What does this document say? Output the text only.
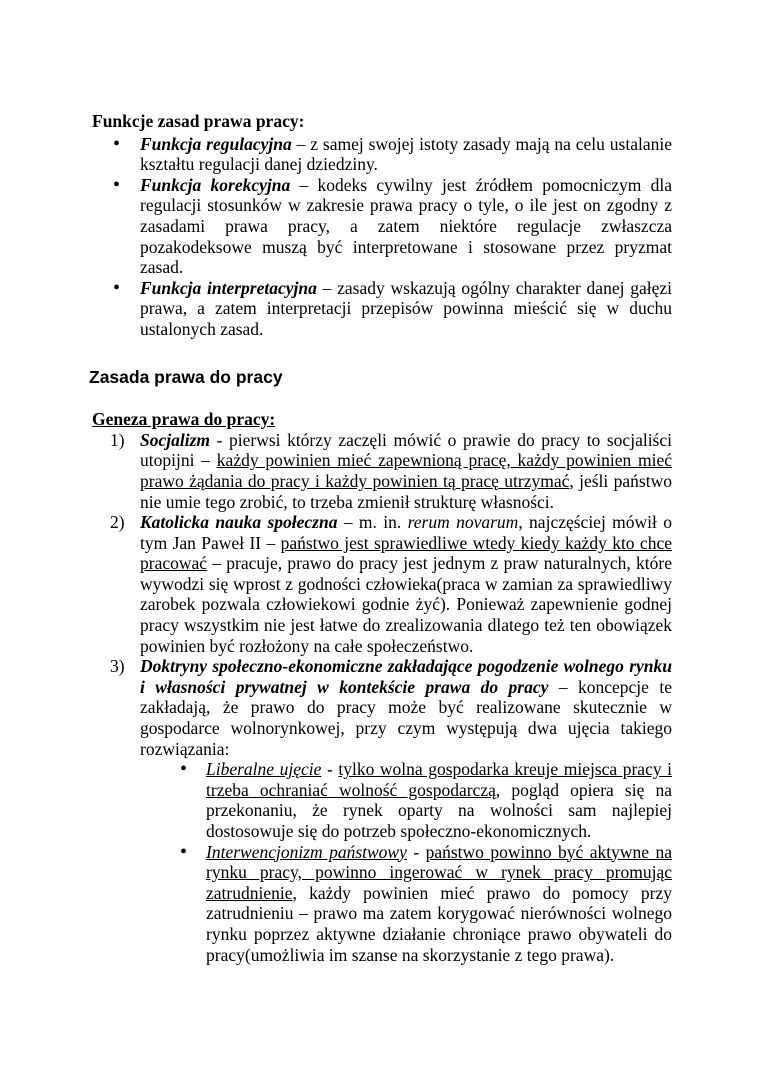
Funkcje zasad prawa pracy:
• Funkcja regulacyjna – z samej swojej istoty zasady mają na celu ustalanie kształtu regulacji danej dziedziny.
• Funkcja korekcyjna – kodeks cywilny jest źródłem pomocniczym dla regulacji stosunków w zakresie prawa pracy o tyle, o ile jest on zgodny z zasadami prawa pracy, a zatem niektóre regulacje zwłaszcza pozakodeksowe muszą być interpretowane i stosowane przez pryzmat zasad.
• Funkcja interpretacyjna – zasady wskazują ogólny charakter danej gałęzi prawa, a zatem interpretacji przepisów powinna mieścić się w duchu ustalonych zasad.
Zasada prawa do pracy
Geneza prawa do pracy:
1) Socjalizm - pierwsi którzy zaczęli mówić o prawie do pracy to socjaliści utopijni – każdy powinien mieć zapewnioną pracę, każdy powinien mieć prawo żądania do pracy i każdy powinien tą pracę utrzymać, jeśli państwo nie umie tego zrobić, to trzeba zmienił strukturę własności.
2) Katolicka nauka społeczna – m. in. rerum novarum, najczęściej mówił o tym Jan Paweł II – państwo jest sprawiedliwe wtedy kiedy każdy kto chce pracować – pracuje, prawo do pracy jest jednym z praw naturalnych, które wywodzi się wprost z godności człowieka(praca w zamian za sprawiedliwy zarobek pozwala człowiekowi godnie żyć). Ponieważ zapewnienie godnej pracy wszystkim nie jest łatwe do zrealizowania dlatego też ten obowiązek powinien być rozłożony na całe społeczeństwo.
3) Doktryny społeczno-ekonomiczne zakładające pogodzenie wolnego rynku i własności prywatnej w kontekście prawa do pracy – koncepcje te zakładają, że prawo do pracy może być realizowane skutecznie w gospodarce wolnorynkowej, przy czym występują dwa ujęcia takiego rozwiązania:
• Liberalne ujęcie - tylko wolna gospodarka kreuje miejsca pracy i trzeba ochraniać wolność gospodarczą, pogląd opiera się na przekonaniu, że rynek oparty na wolności sam najlepiej dostosowuje się do potrzeb społeczno-ekonomicznych.
• Interwencjonizm państwowy - państwo powinno być aktywne na rynku pracy, powinno ingerować w rynek pracy promując zatrudnienie, każdy powinien mieć prawo do pomocy przy zatrudnieniu – prawo ma zatem korygować nierówności wolnego rynku poprzez aktywne działanie chroniące prawo obywateli do pracy(umożliwia im szanse na skorzystanie z tego prawa).
